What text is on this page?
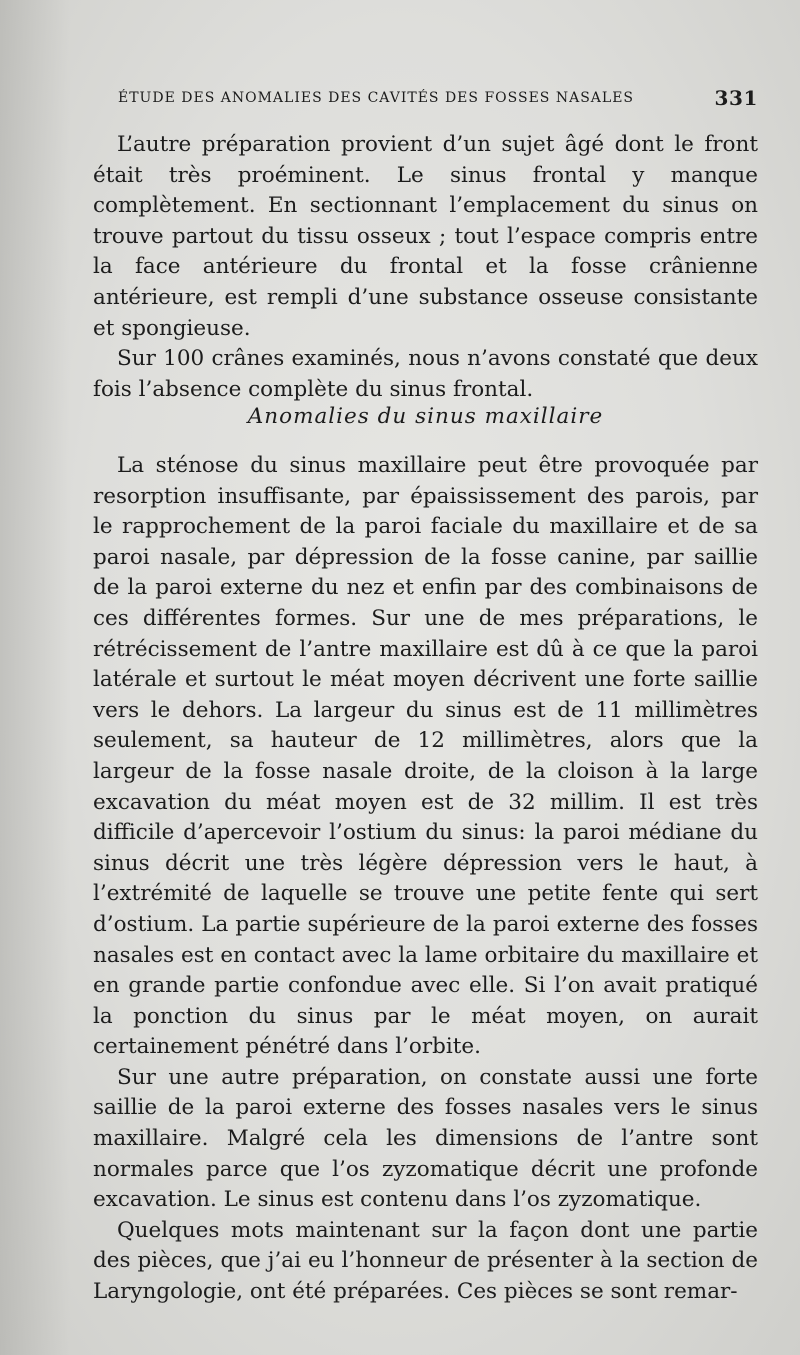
ÉTUDE DES ANOMALIES DES CAVITÉS DES FOSSES NASALES	331

L’autre préparation provient d’un sujet âgé dont le front était très proéminent. Le sinus frontal y manque complètement. En sectionnant l’emplacement du sinus on trouve partout du tissu osseux ; tout l’espace compris entre la face antérieure du frontal et la fosse crânienne antérieure, est rempli d’une substance osseuse consistante et spongieuse.

Sur 100 crânes examinés, nous n’avons constaté que deux fois l’absence complète du sinus frontal.

Anomalies du sinus maxillaire

La sténose du sinus maxillaire peut être provoquée par resorption insuffisante, par épaississement des parois, par le rapprochement de la paroi faciale du maxillaire et de sa paroi nasale, par dépression de la fosse canine, par saillie de la paroi externe du nez et enfin par des combinaisons de ces différentes formes. Sur une de mes préparations, le rétrécissement de l’antre maxillaire est dû à ce que la paroi latérale et surtout le méat moyen décrivent une forte saillie vers le dehors. La largeur du sinus est de 11 millimètres seulement, sa hauteur de 12 millimètres, alors que la largeur de la fosse nasale droite, de la cloison à la large excavation du méat moyen est de 32 millim. Il est très difficile d’apercevoir l’ostium du sinus: la paroi médiane du sinus décrit une très légère dépression vers le haut, à l’extrémité de laquelle se trouve une petite fente qui sert d’ostium. La partie supérieure de la paroi externe des fosses nasales est en contact avec la lame orbitaire du maxillaire et en grande partie confondue avec elle. Si l’on avait pratiqué la ponction du sinus par le méat moyen, on aurait certainement pénétré dans l’orbite.

Sur une autre préparation, on constate aussi une forte saillie de la paroi externe des fosses nasales vers le sinus maxillaire. Malgré cela les dimensions de l’antre sont normales parce que l’os zyzomatique décrit une profonde excavation. Le sinus est contenu dans l’os zyzomatique.

Quelques mots maintenant sur la façon dont une partie des pièces, que j’ai eu l’honneur de présenter à la section de Laryngologie, ont été préparées. Ces pièces se sont remar-
